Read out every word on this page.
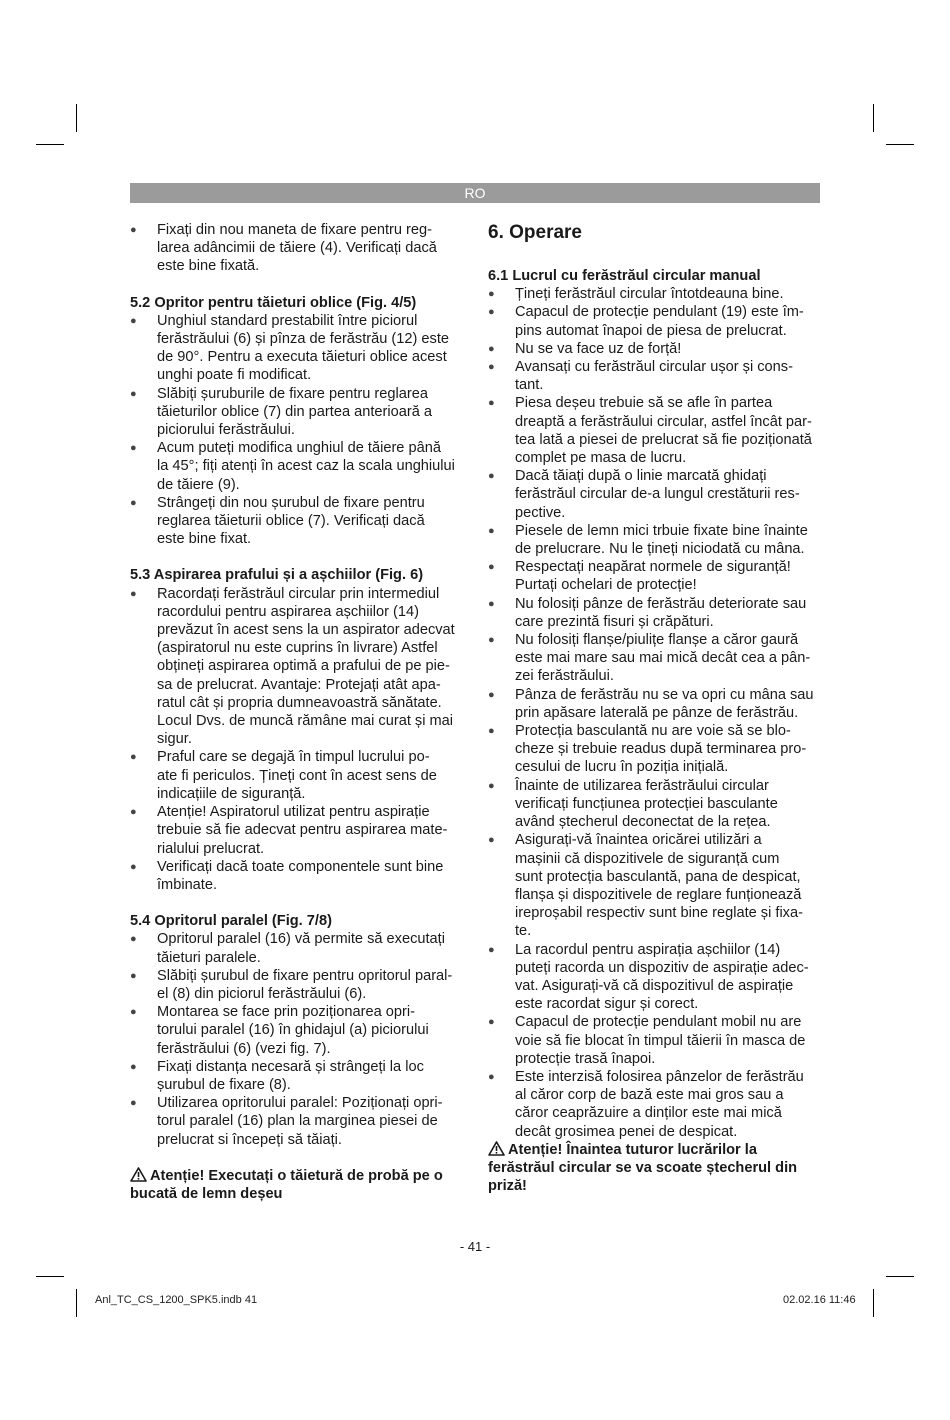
RO

● Fixați din nou maneta de fixare pentru reg-
larea adâncimii de tăiere (4). Verificați dacă
este bine fixată.

5.2 Opritor pentru tăieturi oblice (Fig. 4/5)

● Unghiul standard prestabilit între piciorul
ferăstrăului (6) și pînza de ferăstrău (12) este
de 90°. Pentru a executa tăieturi oblice acest
unghi poate fi modificat.

● Slăbiți șuruburile de fixare pentru reglarea
tăieturilor oblice (7) din partea anterioară a
piciorului ferăstrăului.

● Acum puteți modifica unghiul de tăiere până
la 45°; fiți atenți în acest caz la scala unghiului
de tăiere (9).

● Strângeți din nou șurubul de fixare pentru
reglarea tăieturii oblice (7). Verificați dacă
este bine fixat.

5.3 Aspirarea prafului și a așchiilor (Fig. 6)

● Racordați ferăstrăul circular prin intermediul
racordului pentru aspirarea așchiilor (14)
prevăzut în acest sens la un aspirator adecvat
(aspiratorul nu este cuprins în livrare) Astfel
obțineți aspirarea optimă a prafului de pe pie-
sa de prelucrat. Avantaje: Protejați atât apa-
ratul cât și propria dumneavoastră sănătate.
Locul Dvs. de muncă rămâne mai curat și mai
sigur.

● Praful care se degajă în timpul lucrului po-
ate fi periculos. Țineți cont în acest sens de
indicațiile de siguranță.

● Atenție! Aspiratorul utilizat pentru aspirație
trebuie să fie adecvat pentru aspirarea mate-
rialului prelucrat.

● Verificați dacă toate componentele sunt bine
îmbinate.

5.4 Opritorul paralel (Fig. 7/8)

● Opritorul paralel (16) vă permite să executați
tăieturi paralele.

● Slăbiți șurubul de fixare pentru opritorul paral-
el (8) din piciorul ferăstrăului (6).

● Montarea se face prin poziționarea opri-
torului paralel (16) în ghidajul (a) piciorului
ferăstrăului (6) (vezi fig. 7).

● Fixați distanța necesară și strângeți la loc
șurubul de fixare (8).

● Utilizarea opritorului paralel: Poziționați opri-
torul paralel (16) plan la marginea piesei de
prelucrat si începeți să tăiați.

Atenție! Executați o tăietură de probă pe o
bucată de lemn deșeu

6. Operare

6.1 Lucrul cu ferăstrăul circular manual

● Țineți ferăstrăul circular întotdeauna bine.

● Capacul de protecție pendulant (19) este îm-
pins automat înapoi de piesa de prelucrat.

● Nu se va face uz de forță!

● Avansați cu ferăstrăul circular ușor și cons-
tant.

● Piesa deșeu trebuie să se afle în partea
dreaptă a ferăstrăului circular, astfel încât par-
tea lată a piesei de prelucrat să fie poziționată
complet pe masa de lucru.

● Dacă tăiați după o linie marcată ghidați
ferăstrăul circular de-a lungul crestăturii res-
pective.

● Piesele de lemn mici trbuie fixate bine înainte
de prelucrare. Nu le țineți niciodată cu mâna.

● Respectați neapărat normele de siguranță!
Purtați ochelari de protecție!

● Nu folosiți pânze de ferăstrău deteriorate sau
care prezintă fisuri și crăpături.

● Nu folosiți flanșe/piulițe flanșe a căror gaură
este mai mare sau mai mică decât cea a pân-
zei ferăstrăului.

● Pânza de ferăstrău nu se va opri cu mâna sau
prin apăsare laterală pe pânze de ferăstrău.

● Protecția basculantă nu are voie să se blo-
cheze și trebuie readus după terminarea pro-
cesului de lucru în poziția inițială.

● Înainte de utilizarea ferăstrăului circular
verificați funcțiunea protecției basculante
având ștecherul deconectat de la rețea.

● Asigurați-vă înaintea oricărei utilizări a
mașinii că dispozitivele de siguranță cum
sunt protecția basculantă, pana de despicat,
flanșa și dispozitivele de reglare funționează
ireproșabil respectiv sunt bine reglate și fixa-
te.

● La racordul pentru aspirația așchiilor (14)
puteți racorda un dispozitiv de aspirație adec-
vat. Asigurați-vă că dispozitivul de aspirație
este racordat sigur și corect.

● Capacul de protecție pendulant mobil nu are
voie să fie blocat în timpul tăierii în masca de
protecție trasă înapoi.

● Este interzisă folosirea pânzelor de ferăstrău
al căror corp de bază este mai gros sau a
căror ceaprăzuire a dinților este mai mică
decât grosimea penei de despicat.

Atenție! Înaintea tuturor lucrărilor la
ferăstrăul circular se va scoate ștecherul din
priză!

- 41 -
Anl_TC_CS_1200_SPK5.indb 41	02.02.16 11:46
